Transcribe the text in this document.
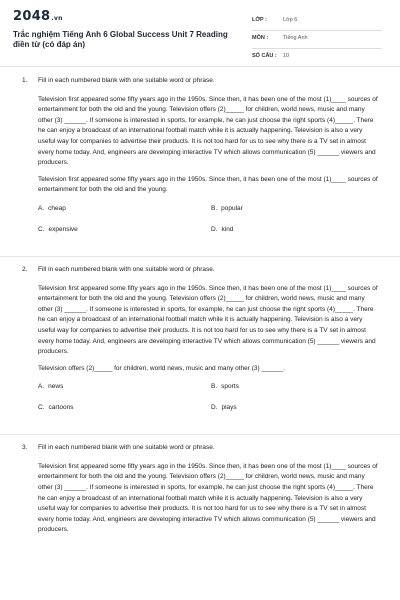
2048.vn
Trắc nghiệm Tiếng Anh 6 Global Success Unit 7 Reading điền từ (có đáp án)
LỚP :	Lớp 6
MÔN :	Tiếng Anh
SỐ CÂU : 10
1. Fill in each numbered blank with one suitable word or phrase.

Television first appeared some fifty years ago in the 1950s. Since then, it has been one of the most (1)____ sources of entertainment for both the old and the young. Television offers (2)_____ for children, world news, music and many other (3) ______. If someone is interested in sports, for example, he can just choose the right sports (4)_____. There he can enjoy a broadcast of an international football match while it is actually happening. Television is also a very useful way for companies to advertise their products. It is not too hard for us to see why there is a TV set in almost every home today. And, engineers are developing interactive TV which allows communication (5) ______ viewers and producers.

Television first appeared some fifty years ago in the 1950s. Since then, it has been one of the most (1)____ sources of entertainment for both the old and the young.

A. cheap	B. popular
C. expensive	D. kind
2. Fill in each numbered blank with one suitable word or phrase.

Television first appeared some fifty years ago in the 1950s. Since then, it has been one of the most (1)____ sources of entertainment for both the old and the young. Television offers (2)_____ for children, world news, music and many other (3) ______. If someone is interested in sports, for example, he can just choose the right sports (4)_____. There he can enjoy a broadcast of an international football match while it is actually happening. Television is also a very useful way for companies to advertise their products. It is not too hard for us to see why there is a TV set in almost every home today. And, engineers are developing interactive TV which allows communication (5) ______ viewers and producers.

Television offers (2)_____ for children, world news, music and many other (3) ______.

A. news	B. sports
C. cartoons	D. plays
3. Fill in each numbered blank with one suitable word or phrase.

Television first appeared some fifty years ago in the 1950s. Since then, it has been one of the most (1)____ sources of entertainment for both the old and the young. Television offers (2)_____ for children, world news, music and many other (3) ______. If someone is interested in sports, for example, he can just choose the right sports (4)_____. There he can enjoy a broadcast of an international football match while it is actually happening. Television is also a very useful way for companies to advertise their products. It is not too hard for us to see why there is a TV set in almost every home today. And, engineers are developing interactive TV which allows communication (5) ______ viewers and producers.
